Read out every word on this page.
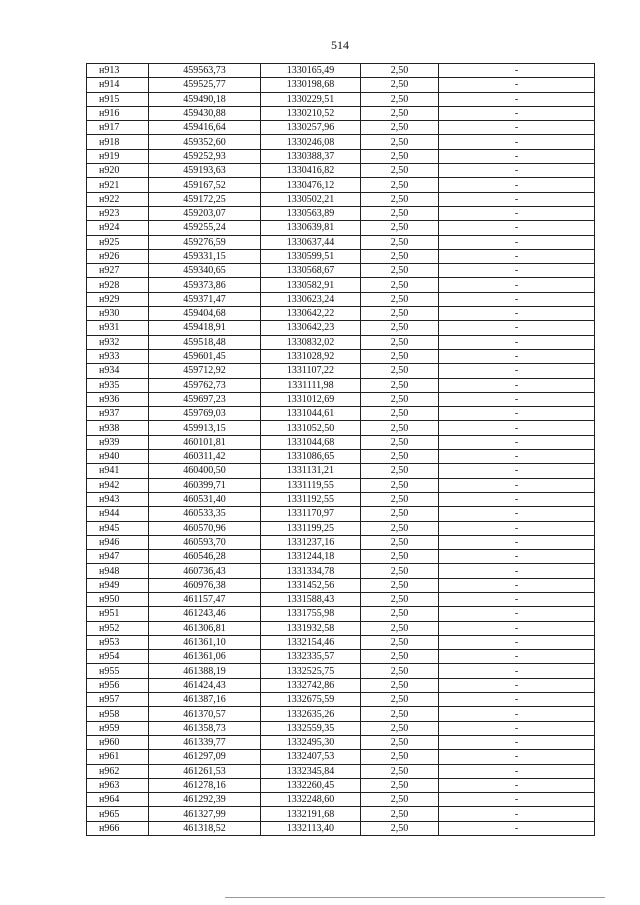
514
н913	459563,73	1330165,49	2,50	-
н914	459525,77	1330198,68	2,50	-
н915	459490,18	1330229,51	2,50	-
н916	459430,88	1330210,52	2,50	-
н917	459416,64	1330257,96	2,50	-
н918	459352,60	1330246,08	2,50	-
н919	459252,93	1330388,37	2,50	-
н920	459193,63	1330416,82	2,50	-
н921	459167,52	1330476,12	2,50	-
н922	459172,25	1330502,21	2,50	-
н923	459203,07	1330563,89	2,50	-
н924	459255,24	1330639,81	2,50	-
н925	459276,59	1330637,44	2,50	-
н926	459331,15	1330599,51	2,50	-
н927	459340,65	1330568,67	2,50	-
н928	459373,86	1330582,91	2,50	-
н929	459371,47	1330623,24	2,50	-
н930	459404,68	1330642,22	2,50	-
н931	459418,91	1330642,23	2,50	-
н932	459518,48	1330832,02	2,50	-
н933	459601,45	1331028,92	2,50	-
н934	459712,92	1331107,22	2,50	-
н935	459762,73	1331111,98	2,50	-
н936	459697,23	1331012,69	2,50	-
н937	459769,03	1331044,61	2,50	-
н938	459913,15	1331052,50	2,50	-
н939	460101,81	1331044,68	2,50	-
н940	460311,42	1331086,65	2,50	-
н941	460400,50	1331131,21	2,50	-
н942	460399,71	1331119,55	2,50	-
н943	460531,40	1331192,55	2,50	-
н944	460533,35	1331170,97	2,50	-
н945	460570,96	1331199,25	2,50	-
н946	460593,70	1331237,16	2,50	-
н947	460546,28	1331244,18	2,50	-
н948	460736,43	1331334,78	2,50	-
н949	460976,38	1331452,56	2,50	-
н950	461157,47	1331588,43	2,50	-
н951	461243,46	1331755,98	2,50	-
н952	461306,81	1331932,58	2,50	-
н953	461361,10	1332154,46	2,50	-
н954	461361,06	1332335,57	2,50	-
н955	461388,19	1332525,75	2,50	-
н956	461424,43	1332742,86	2,50	-
н957	461387,16	1332675,59	2,50	-
н958	461370,57	1332635,26	2,50	-
н959	461358,73	1332559,35	2,50	-
н960	461339,77	1332495,30	2,50	-
н961	461297,09	1332407,53	2,50	-
н962	461261,53	1332345,84	2,50	-
н963	461278,16	1332260,45	2,50	-
н964	461292,39	1332248,60	2,50	-
н965	461327,99	1332191,68	2,50	-
н966	461318,52	1332113,40	2,50	-
